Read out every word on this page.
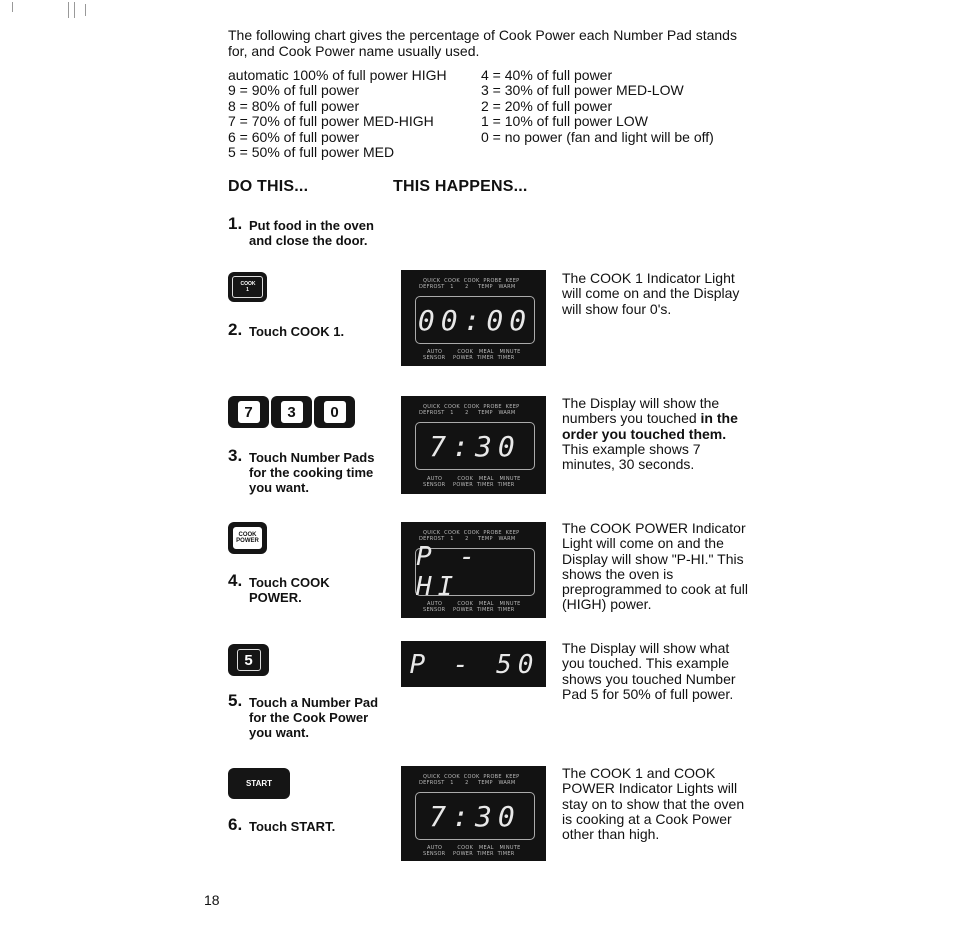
The following chart gives the percentage of Cook Power each Number Pad stands for, and Cook Power name usually used.
automatic 100% of full power HIGH
9 = 90% of full power
8 = 80% of full power
7 = 70% of full power MED-HIGH
6 = 60% of full power
5 = 50% of full power MED
4 = 40% of full power
3 = 30% of full power MED-LOW
2 = 20% of full power
1 = 10% of full power LOW
0 = no power (fan and light will be off)
DO THIS...	THIS HAPPENS...
1. Put food in the oven and close the door.
COOK 1
2. Touch COOK 1.
QUICK  COOK  COOK  PROBE  KEEP
DEFROST   1      2     TEMP   WARM
00:00
AUTO        COOK   MEAL   MINUTE
SENSOR    POWER  TIMER  TIMER
The COOK 1 Indicator Light will come on and the Display will show four 0's.
7 3 0
3. Touch Number Pads for the cooking time you want.
QUICK  COOK  COOK  PROBE  KEEP
DEFROST   1      2     TEMP   WARM
7:30
AUTO        COOK   MEAL   MINUTE
SENSOR    POWER  TIMER  TIMER
The Display will show the numbers you touched in the order you touched them. This example shows 7 minutes, 30 seconds.
COOK POWER
4. Touch COOK POWER.
QUICK  COOK  COOK  PROBE  KEEP
DEFROST   1      2     TEMP   WARM
P - HI
AUTO        COOK   MEAL   MINUTE
SENSOR    POWER  TIMER  TIMER
The COOK POWER Indicator Light will come on and the Display will show "P-HI." This shows the oven is preprogrammed to cook at full (HIGH) power.
5
5. Touch a Number Pad for the Cook Power you want.
P - 50
The Display will show what you touched. This example shows you touched Number Pad 5 for 50% of full power.
START
6. Touch START.
QUICK  COOK  COOK  PROBE  KEEP
DEFROST   1      2     TEMP   WARM
7:30
AUTO        COOK   MEAL   MINUTE
SENSOR    POWER  TIMER  TIMER
The COOK 1 and COOK POWER Indicator Lights will stay on to show that the oven is cooking at a Cook Power other than high.
18
